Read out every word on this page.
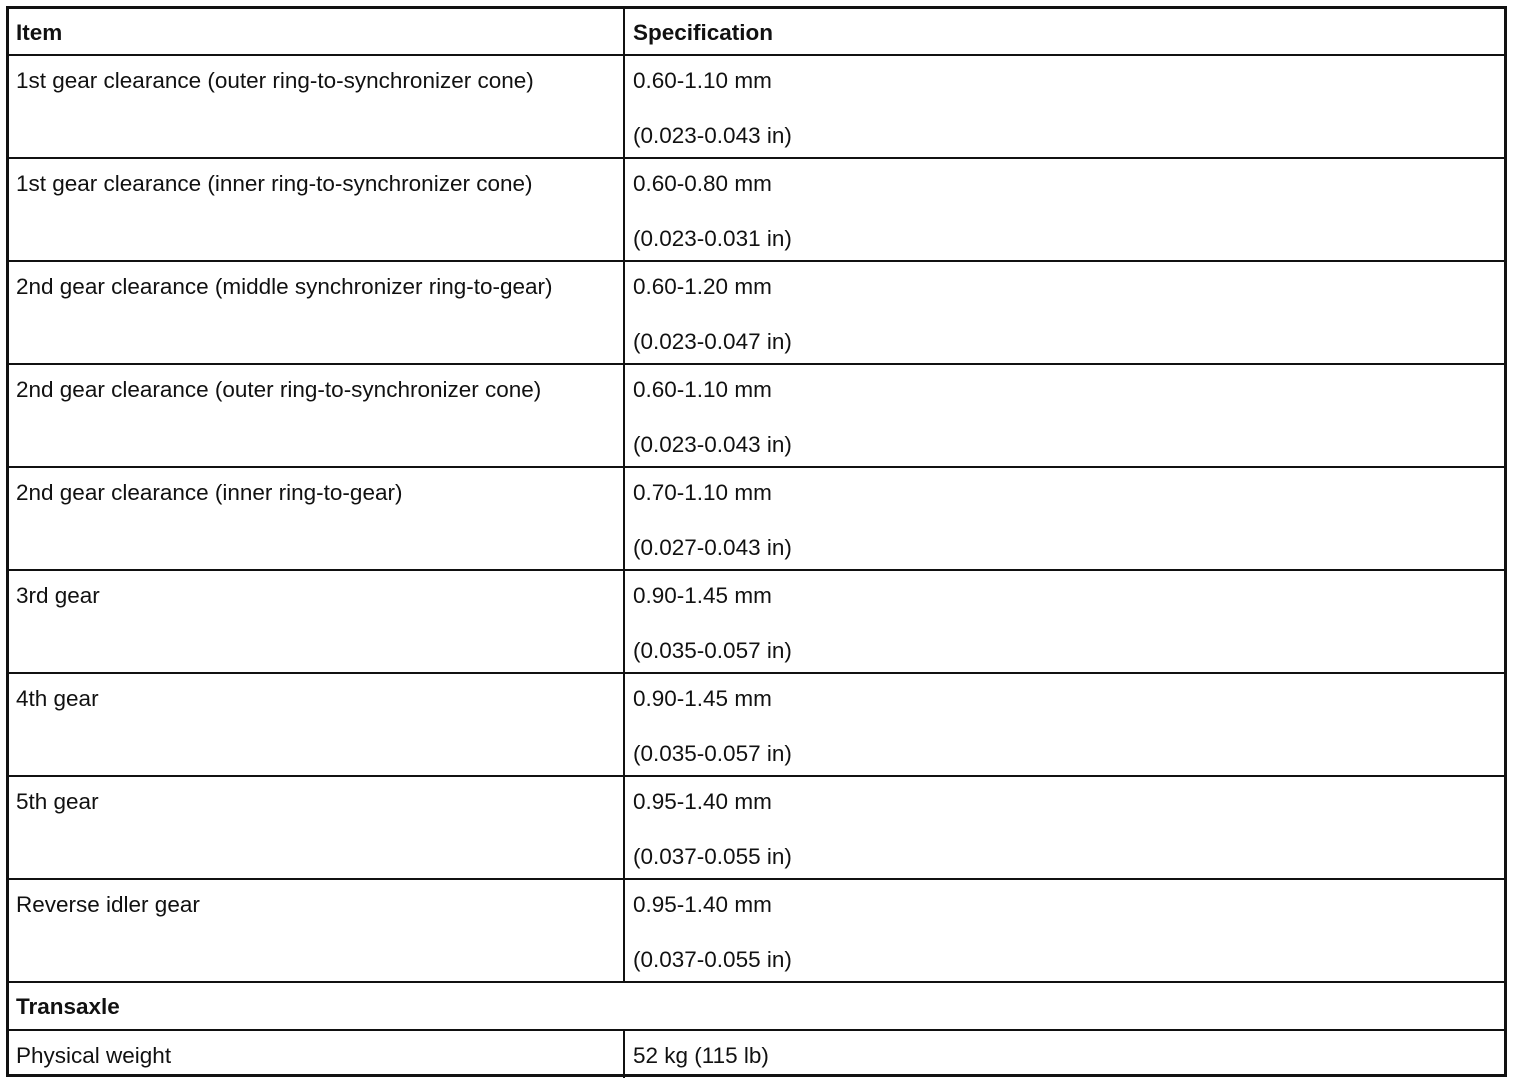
Item	Specification
1st gear clearance (outer ring-to-synchronizer cone)	0.60-1.10 mm
(0.023-0.043 in)
1st gear clearance (inner ring-to-synchronizer cone)	0.60-0.80 mm
(0.023-0.031 in)
2nd gear clearance (middle synchronizer ring-to-gear)	0.60-1.20 mm
(0.023-0.047 in)
2nd gear clearance (outer ring-to-synchronizer cone)	0.60-1.10 mm
(0.023-0.043 in)
2nd gear clearance (inner ring-to-gear)	0.70-1.10 mm
(0.027-0.043 in)
3rd gear	0.90-1.45 mm
(0.035-0.057 in)
4th gear	0.90-1.45 mm
(0.035-0.057 in)
5th gear	0.95-1.40 mm
(0.037-0.055 in)
Reverse idler gear	0.95-1.40 mm
(0.037-0.055 in)
Transaxle
Physical weight	52 kg (115 lb)
